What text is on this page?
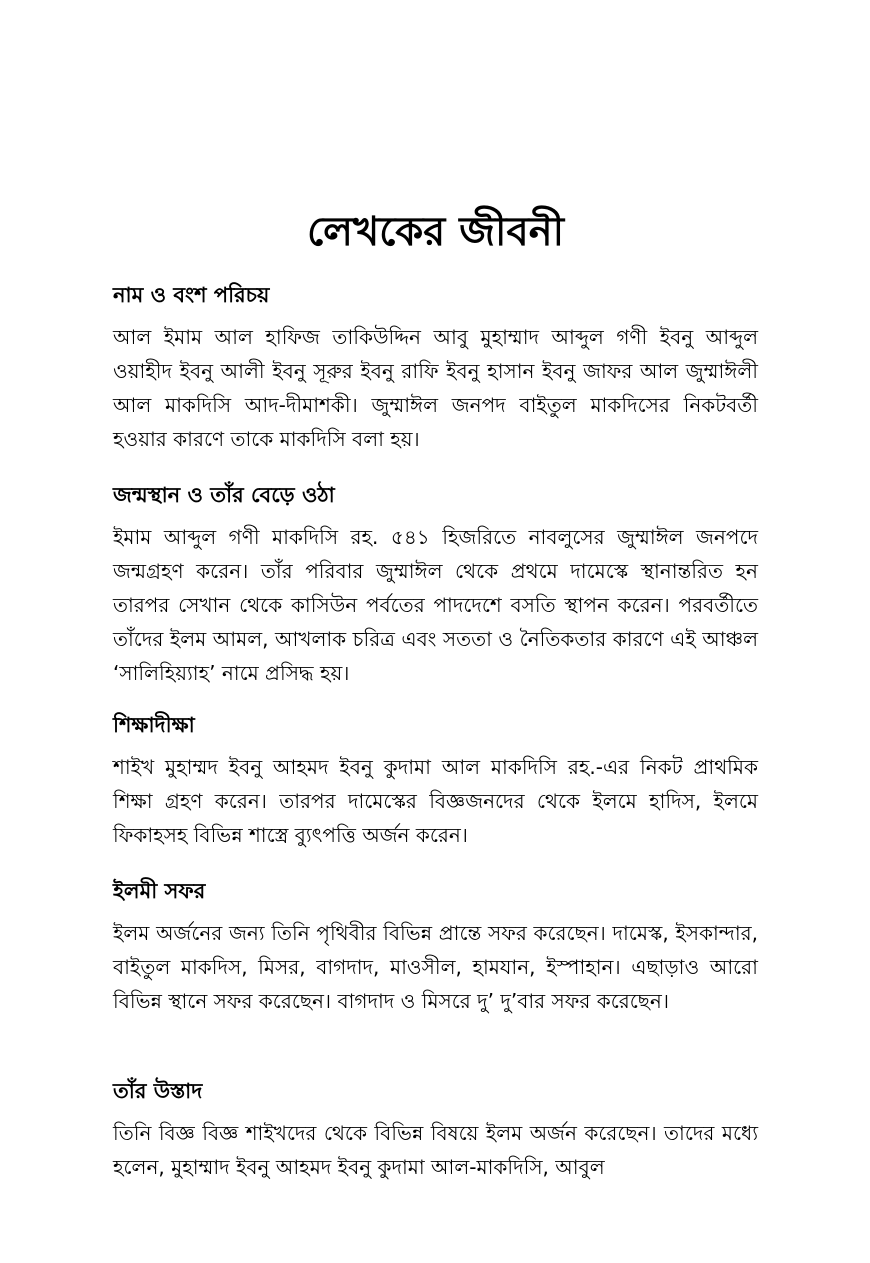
লেখকের জীবনী
নাম ও বংশ পরিচয়

আল ইমাম আল হাফিজ তাকিউদ্দিন আবু মুহাম্মাদ আব্দুল গণী ইবনু আব্দুল ওয়াহীদ ইবনু আলী ইবনু সূরুর ইবনু রাফি ইবনু হাসান ইবনু জাফর আল জুম্মাঈলী আল মাকদিসি আদ-দীমাশকী। জুম্মাঈল জনপদ বাইতুল মাকদিসের নিকটবর্তী হওয়ার কারণে তাকে মাকদিসি বলা হয়।

জন্মস্থান ও তাঁর বেড়ে ওঠা

ইমাম আব্দুল গণী মাকদিসি রহ. ৫৪১ হিজরিতে নাবলুসের জুম্মাঈল জনপদে জন্মগ্রহণ করেন। তাঁর পরিবার জুম্মাঈল থেকে প্রথমে দামেস্কে স্থানান্তরিত হন তারপর সেখান থেকে কাসিউন পর্বতের পাদদেশে বসতি স্থাপন করেন। পরবর্তীতে তাঁদের ইলম আমল, আখলাক চরিত্র এবং সততা ও নৈতিকতার কারণে এই আঞ্চল ‘সালিহিয়্যাহ’ নামে প্রসিদ্ধ হয়।

শিক্ষাদীক্ষা

শাইখ মুহাম্মদ ইবনু আহমদ ইবনু কুদামা আল মাকদিসি রহ.-এর নিকট প্রাথমিক শিক্ষা গ্রহণ করেন। তারপর দামেস্কের বিজ্ঞজনদের থেকে ইলমে হাদিস, ইলমে ফিকাহসহ বিভিন্ন শাস্ত্রে ব্যুৎপত্তি অর্জন করেন।

ইলমী সফর

ইলম অর্জনের জন্য তিনি পৃথিবীর বিভিন্ন প্রান্তে সফর করেছেন। দামেস্ক, ইসকান্দার, বাইতুল মাকদিস, মিসর, বাগদাদ, মাওসীল, হামযান, ইস্পাহান। এছাড়াও আরো বিভিন্ন স্থানে সফর করেছেন। বাগদাদ ও মিসরে দু’ দু’বার সফর করেছেন।

তাঁর উস্তাদ

তিনি বিজ্ঞ বিজ্ঞ শাইখদের থেকে বিভিন্ন বিষয়ে ইলম অর্জন করেছেন। তাদের মধ্যে হলেন, মুহাম্মাদ ইবনু আহমদ ইবনু কুদামা আল-মাকদিসি, আবুল
